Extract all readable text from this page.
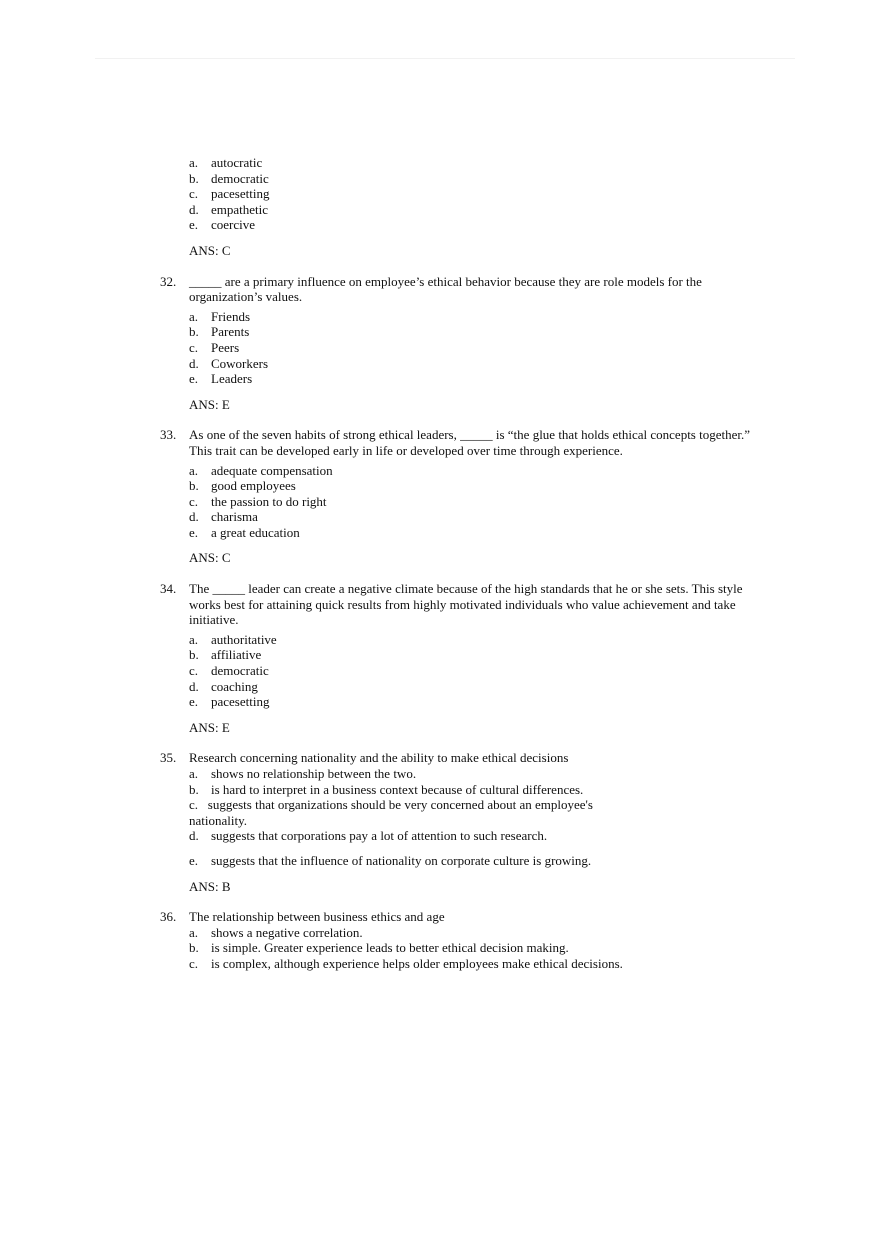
a. autocratic
b. democratic
c. pacesetting
d. empathetic
e. coercive
ANS: C
32. _____ are a primary influence on employee’s ethical behavior because they are role models for the organization’s values.
a. Friends
b. Parents
c. Peers
d. Coworkers
e. Leaders
ANS: E
33. As one of the seven habits of strong ethical leaders, _____ is “the glue that holds ethical concepts together.” This trait can be developed early in life or developed over time through experience.
a. adequate compensation
b. good employees
c. the passion to do right
d. charisma
e. a great education
ANS: C
34. The _____ leader can create a negative climate because of the high standards that he or she sets. This style works best for attaining quick results from highly motivated individuals who value achievement and take initiative.
a. authoritative
b. affiliative
c. democratic
d. coaching
e. pacesetting
ANS: E
35. Research concerning nationality and the ability to make ethical decisions
a. shows no relationship between the two.
b. is hard to interpret in a business context because of cultural differences.
c.   suggests that organizations should be very concerned about an employee's
nationality.
d. suggests that corporations pay a lot of attention to such research.
e. suggests that the influence of nationality on corporate culture is growing.
ANS: B
36. The relationship between business ethics and age
a. shows a negative correlation.
b. is simple. Greater experience leads to better ethical decision making.
c. is complex, although experience helps older employees make ethical decisions.
